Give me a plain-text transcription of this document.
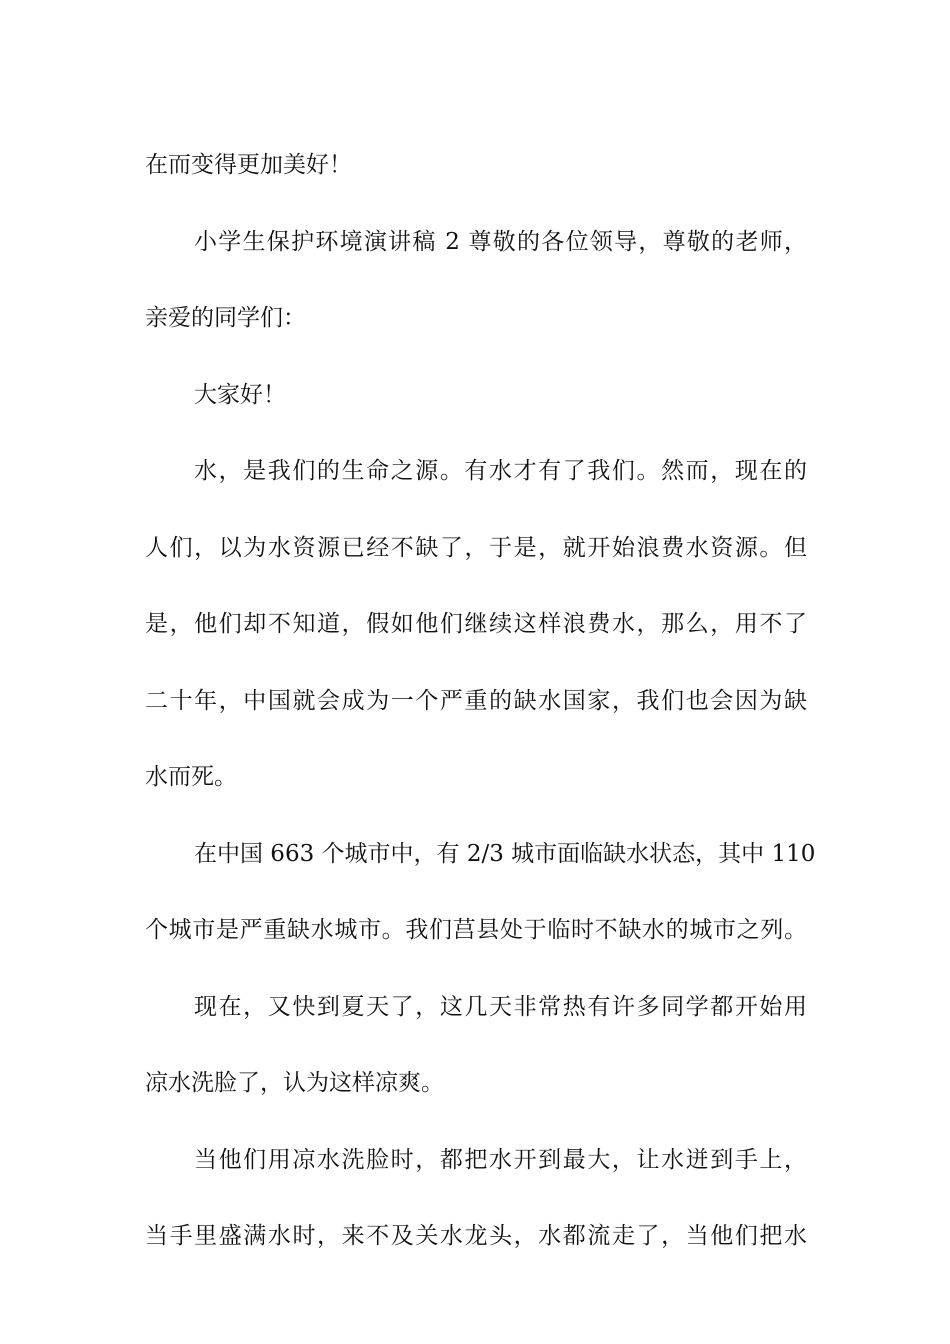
在而变得更加美好！
小学生保护环境演讲稿 2 尊敬的各位领导，尊敬的老师，
亲爱的同学们：
大家好！
水，是我们的生命之源。有水才有了我们。然而，现在的
人们，以为水资源已经不缺了，于是，就开始浪费水资源。但
是，他们却不知道，假如他们继续这样浪费水，那么，用不了
二十年，中国就会成为一个严重的缺水国家，我们也会因为缺
水而死。
在中国 663 个城市中，有 2/3 城市面临缺水状态，其中 110
个城市是严重缺水城市。我们莒县处于临时不缺水的城市之列。
现在，又快到夏天了，这几天非常热有许多同学都开始用
凉水洗脸了，认为这样凉爽。
当他们用凉水洗脸时，都把水开到最大，让水迸到手上，
当手里盛满水时，来不及关水龙头，水都流走了，当他们把水
